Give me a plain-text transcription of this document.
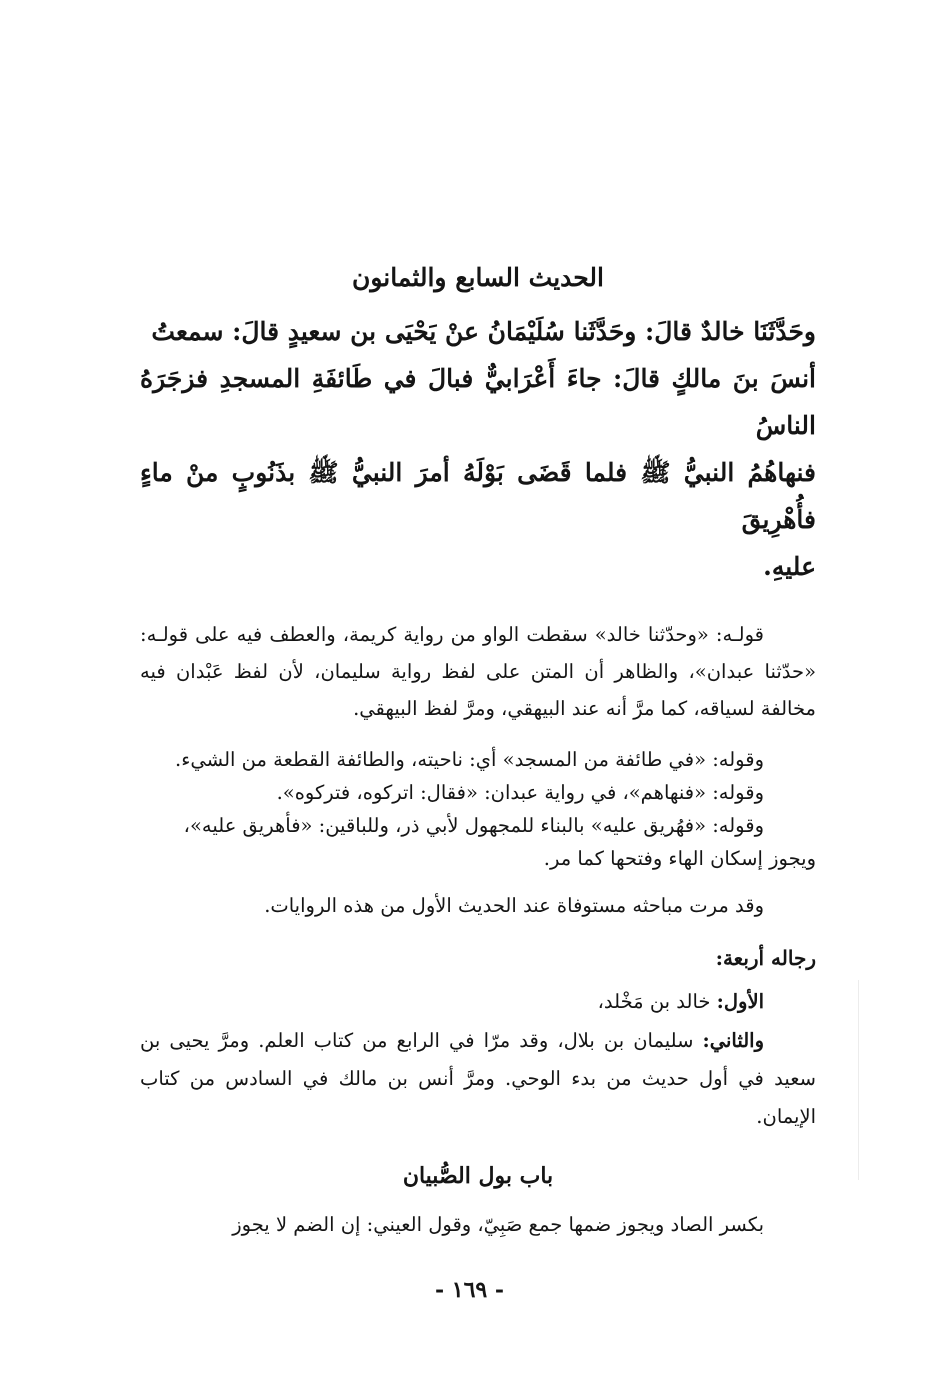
الحديث السابع والثمانون

وحَدَّثَنَا خالدٌ قالَ: وحَدَّثَنا سُلَيْمَانُ عنْ يَحْيَى بن سعيدٍ قالَ: سمعتُ

أنسَ بنَ مالكٍ قالَ: جاءَ أَعْرَابيٌّ فبالَ في طَائفَةِ المسجدِ فزجَرَهُ الناسُ

فنهاهُمُ النبيُّ ﷺ فلما قَضَى بَوْلَهُ أمرَ النبيُّ ﷺ بذَنُوبٍ منْ ماءٍ فأُهْرِيقَ

عليهِ.

قولـه: «وحدّثنا خالد» سقطت الواو من رواية كريمة، والعطف فيه على قولـه: «حدّثنا عبدان»، والظاهر أن المتن على لفظ رواية سليمان، لأن لفظ عَبْدان فيه مخالفة لسياقه، كما مرَّ أنه عند البيهقي، ومرَّ لفظ البيهقي.

وقوله: «في طائفة من المسجد» أي: ناحيته، والطائفة القطعة من الشيء.

وقوله: «فنهاهم»، في رواية عبدان: «فقال: اتركوه، فتركوه».

وقوله: «فهُريق عليه» بالبناء للمجهول لأبي ذر، وللباقين: «فأهريق عليه»،

ويجوز إسكان الهاء وفتحها كما مر.

وقد مرت مباحثه مستوفاة عند الحديث الأول من هذه الروايات.

رجاله أربعة:

الأول: خالد بن مَخْلد،

والثاني: سليمان بن بلال، وقد مرّا في الرابع من كتاب العلم. ومرَّ يحيى بن سعيد في أول حديث من بدء الوحي. ومرَّ أنس بن مالك في السادس من كتاب الإيمان.

باب بول الصُّبيان

بكسر الصاد ويجوز ضمها جمع صَبِيّ، وقول العيني: إن الضم لا يجوز

- ١٦٩ -
